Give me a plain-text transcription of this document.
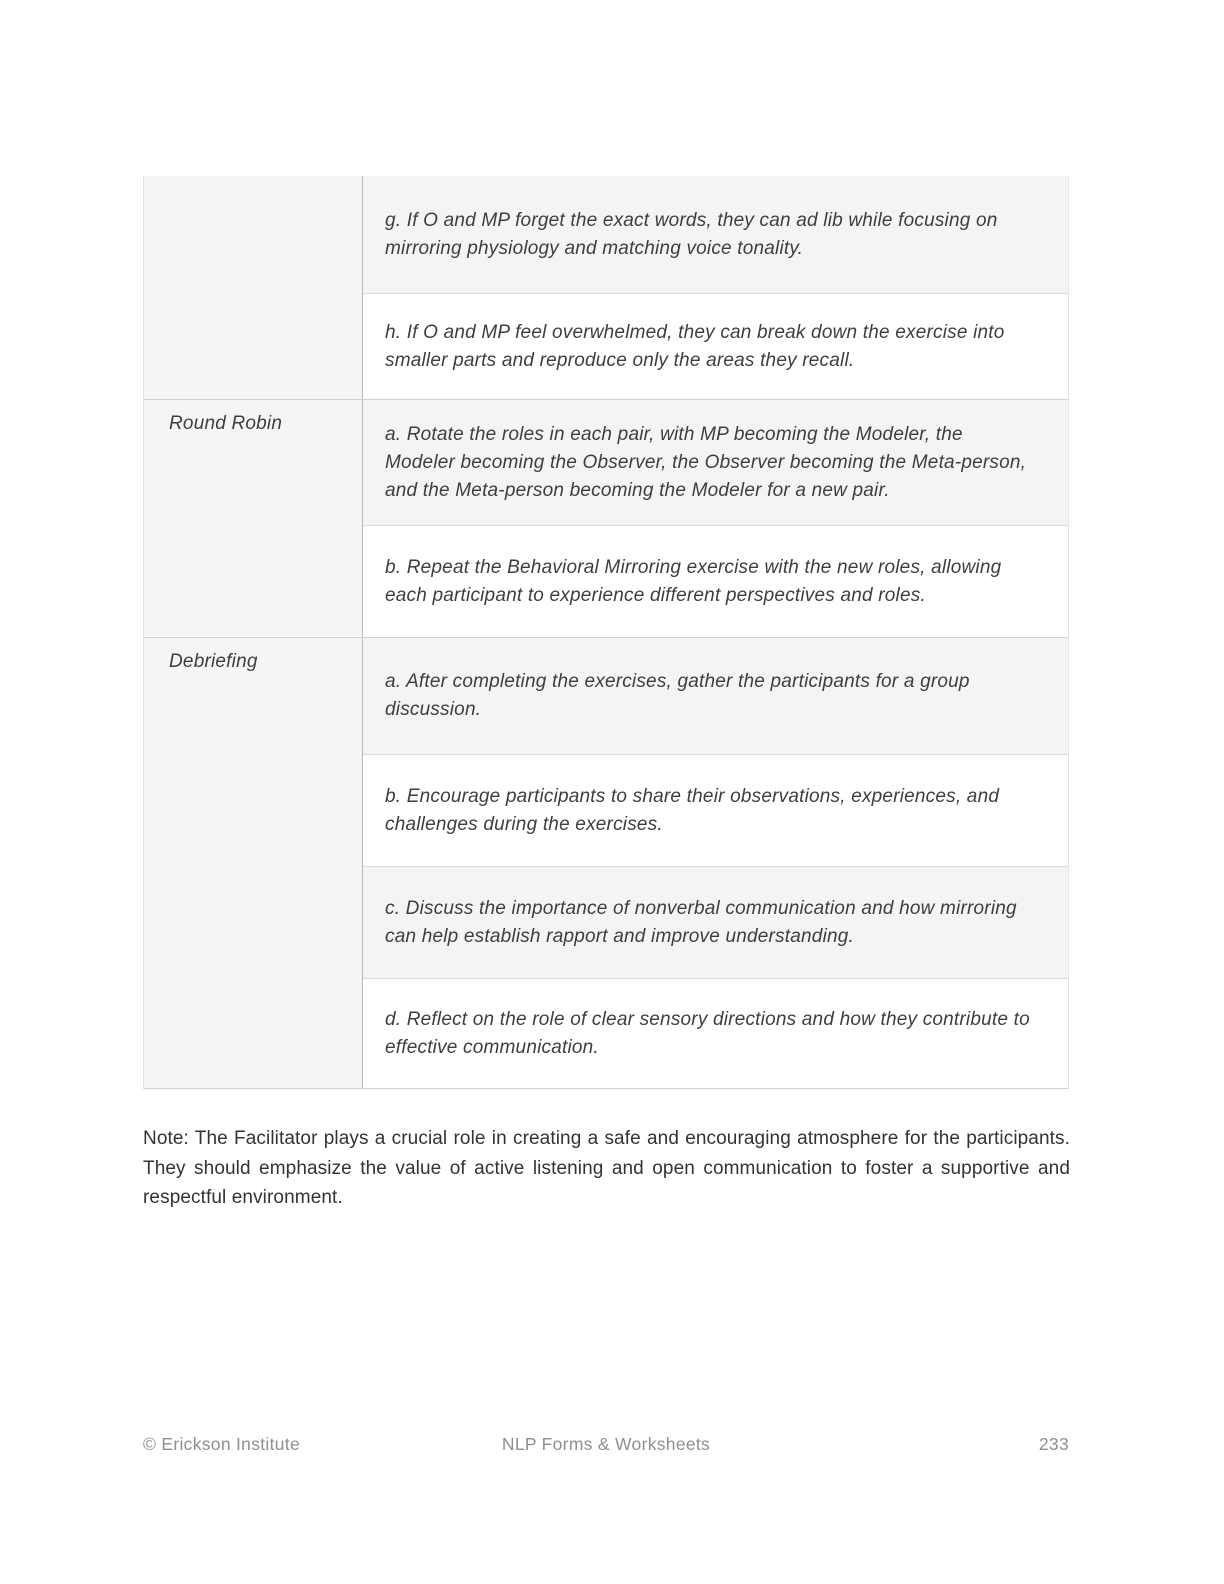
g. If O and MP forget the exact words, they can ad lib while focusing on mirroring physiology and matching voice tonality.
h. If O and MP feel overwhelmed, they can break down the exercise into smaller parts and reproduce only the areas they recall.
Round Robin	a. Rotate the roles in each pair, with MP becoming the Modeler, the Modeler becoming the Observer, the Observer becoming the Meta-person, and the Meta-person becoming the Modeler for a new pair.
b. Repeat the Behavioral Mirroring exercise with the new roles, allowing each participant to experience different perspectives and roles.
Debriefing
a. After completing the exercises, gather the participants for a group discussion.
b. Encourage participants to share their observations, experiences, and challenges during the exercises.
c. Discuss the importance of nonverbal communication and how mirroring can help establish rapport and improve understanding.
d. Reflect on the role of clear sensory directions and how they contribute to effective communication.

Note: The Facilitator plays a crucial role in creating a safe and encouraging atmosphere for the participants. They should emphasize the value of active listening and open communication to foster a supportive and respectful environment.

NLP Forms & Worksheets
© Erickson Institute	233
